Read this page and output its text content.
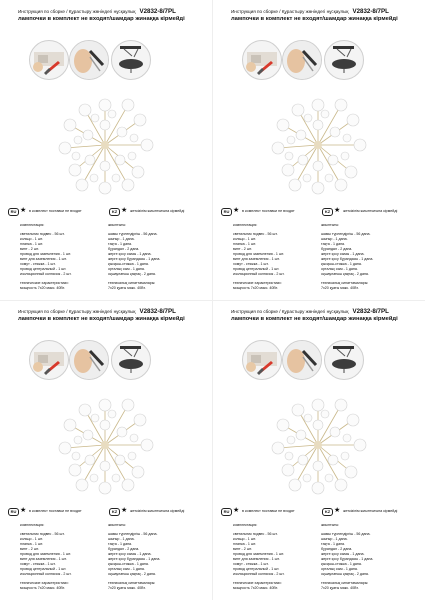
Инструкция по сборке / Құрастыру жөніндегі нұсқаулық V2832-8/7PL
лампочки в комплект не входят/шамдар жинаққа кірмейді
RU ★ в комплект поставки не входят	KZ ★ жеткізілім жиынтығына кірмейді
комплектация:
светильник подвес - 56 шт.
кольцо - 1 шт.
планка - 1 шт.
винт - 2 шт.
провод для заземления - 1 шт.
винт для заземления - 1 шт.
хомут - стяжка - 1 шт.
провод центральный - 1 шт.
изоляционный колпачок - 2 шт.
технические характеристики:
мощность 7х20 макс. 40Вт.
жиынтығы:
шамы түрлендіргіш - 56 дана.
шығыр - 1 дана.
тақта - 1 дана.
бұрандал - 2 дана.
жерге қосу сымы - 1 дана.
жерге қосу бұрандасы - 1 дана.
қысқыш-стяжка - 1 дана.
орталық сым - 1 дана.
оқшаулағыш қақпақ - 2 дана.
техникалық сипаттамалары:
7х20 қуаты макс. 40Вт.
Инструкция по сборке / Құрастыру жөніндегі нұсқаулық V2832-8/7PL
лампочки в комплект не входят/шамдар жинаққа кірмейді
RU ★ в комплект поставки не входят	KZ ★ жеткізілім жиынтығына кірмейді
комплектация:
светильник подвес - 56 шт.
кольцо - 1 шт.
планка - 1 шт.
винт - 2 шт.
провод для заземления - 1 шт.
винт для заземления - 1 шт.
хомут - стяжка - 1 шт.
провод центральный - 1 шт.
изоляционный колпачок - 2 шт.
технические характеристики:
мощность 7х20 макс. 40Вт.
жиынтығы:
шамы түрлендіргіш - 56 дана.
шығыр - 1 дана.
тақта - 1 дана.
бұрандал - 2 дана.
жерге қосу сымы - 1 дана.
жерге қосу бұрандасы - 1 дана.
қысқыш-стяжка - 1 дана.
орталық сым - 1 дана.
оқшаулағыш қақпақ - 2 дана.
техникалық сипаттамалары:
7х20 қуаты макс. 40Вт.
Инструкция по сборке / Құрастыру жөніндегі нұсқаулық V2832-8/7PL
лампочки в комплект не входят/шамдар жинаққа кірмейді
RU ★ в комплект поставки не входят	KZ ★ жеткізілім жиынтығына кірмейді
комплектация:
светильник подвес - 56 шт.
кольцо - 1 шт.
планка - 1 шт.
винт - 2 шт.
провод для заземления - 1 шт.
винт для заземления - 1 шт.
хомут - стяжка - 1 шт.
провод центральный - 1 шт.
изоляционный колпачок - 2 шт.
технические характеристики:
мощность 7х20 макс. 40Вт.
жиынтығы:
шамы түрлендіргіш - 56 дана.
шығыр - 1 дана.
тақта - 1 дана.
бұрандал - 2 дана.
жерге қосу сымы - 1 дана.
жерге қосу бұрандасы - 1 дана.
қысқыш-стяжка - 1 дана.
орталық сым - 1 дана.
оқшаулағыш қақпақ - 2 дана.
техникалық сипаттамалары:
7х20 қуаты макс. 40Вт.
Инструкция по сборке / Құрастыру жөніндегі нұсқаулық V2832-8/7PL
лампочки в комплект не входят/шамдар жинаққа кірмейді
RU ★ в комплект поставки не входят	KZ ★ жеткізілім жиынтығына кірмейді
комплектация:
светильник подвес - 56 шт.
кольцо - 1 шт.
планка - 1 шт.
винт - 2 шт.
провод для заземления - 1 шт.
винт для заземления - 1 шт.
хомут - стяжка - 1 шт.
провод центральный - 1 шт.
изоляционный колпачок - 2 шт.
технические характеристики:
мощность 7х20 макс. 40Вт.
жиынтығы:
шамы түрлендіргіш - 56 дана.
шығыр - 1 дана.
тақта - 1 дана.
бұрандал - 2 дана.
жерге қосу сымы - 1 дана.
жерге қосу бұрандасы - 1 дана.
қысқыш-стяжка - 1 дана.
орталық сым - 1 дана.
оқшаулағыш қақпақ - 2 дана.
техникалық сипаттамалары:
7х20 қуаты макс. 40Вт.
